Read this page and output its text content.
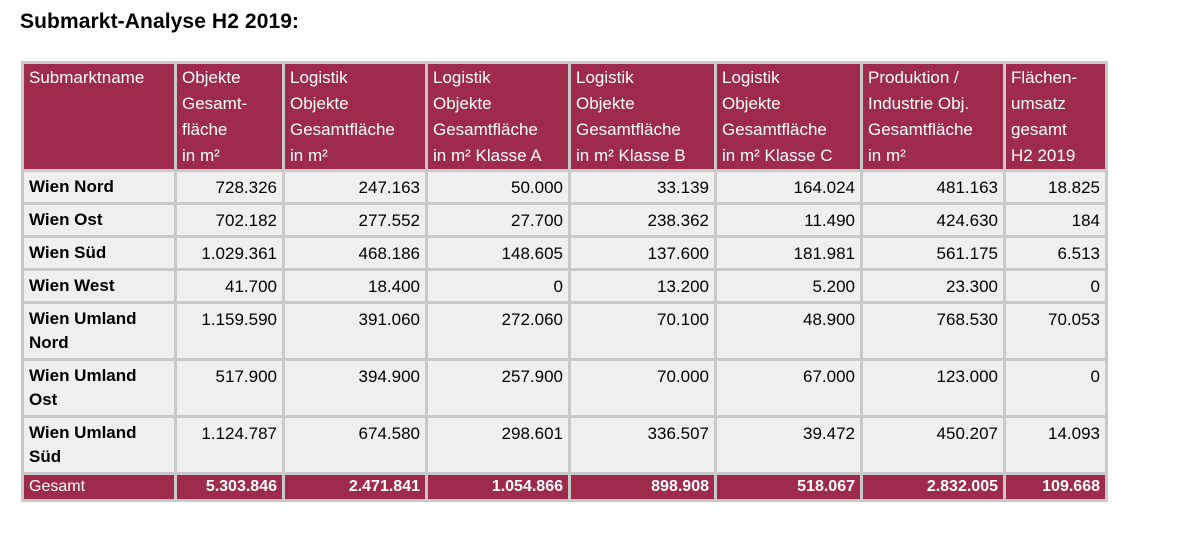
Submarkt-Analyse H2 2019:
Submarktname	Objekte
Gesamt-
fläche
in m²	Logistik
Objekte
Gesamtfläche
in m²	Logistik
Objekte
Gesamtfläche
in m² Klasse A	Logistik
Objekte
Gesamtfläche
in m² Klasse B	Logistik
Objekte
Gesamtfläche
in m² Klasse C	Produktion /
Industrie Obj.
Gesamtfläche
in m²	Flächen-
umsatz
gesamt
H2 2019
Wien Nord	728.326	247.163	50.000	33.139	164.024	481.163	18.825
Wien Ost	702.182	277.552	27.700	238.362	11.490	424.630	184
Wien Süd	1.029.361	468.186	148.605	137.600	181.981	561.175	6.513
Wien West	41.700	18.400	0	13.200	5.200	23.300	0
Wien Umland
Nord	1.159.590	391.060	272.060	70.100	48.900	768.530	70.053
Wien Umland
Ost	517.900	394.900	257.900	70.000	67.000	123.000	0
Wien Umland
Süd	1.124.787	674.580	298.601	336.507	39.472	450.207	14.093
Gesamt	5.303.846	2.471.841	1.054.866	898.908	518.067	2.832.005	109.668
